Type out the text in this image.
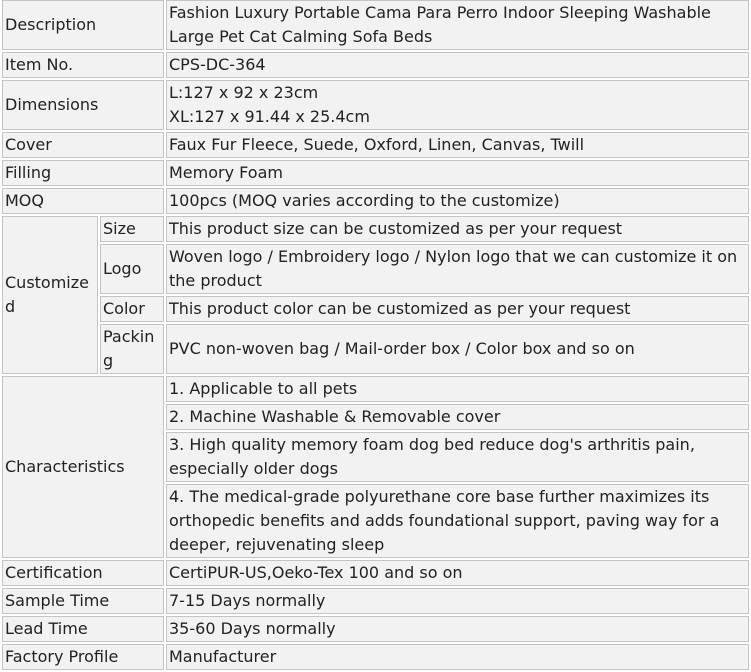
Description		Fashion Luxury Portable Cama Para Perro Indoor Sleeping Washable Large Pet Cat Calming Sofa Beds
Item No.		CPS-DC-364
Dimensions		L:127 x 92 x 23cm
XL:127 x 91.44 x 25.4cm

Cover		Faux Fur Fleece, Suede, Oxford, Linen, Canvas, Twill
Filling		Memory Foam
MOQ		100pcs (MOQ varies according to the customize)
Customized	Size	This product size can be customized as per your request
	Logo	Woven logo / Embroidery logo / Nylon logo that we can customize it on the product
	Color	This product color can be customized as per your request
	Packing	PVC non-woven bag / Mail-order box / Color box and so on
Characteristics		1. Applicable to all pets
		2. Machine Washable & Removable cover
		3. High quality memory foam dog bed reduce dog's arthritis pain, especially older dogs
		4. The medical-grade polyurethane core base further maximizes its orthopedic benefits and adds foundational support, paving way for a deeper, rejuvenating sleep
Certification		CertiPUR-US,Oeko-Tex 100 and so on
Sample Time		7-15 Days normally
Lead Time		35-60 Days normally
Factory Profile		Manufacturer
